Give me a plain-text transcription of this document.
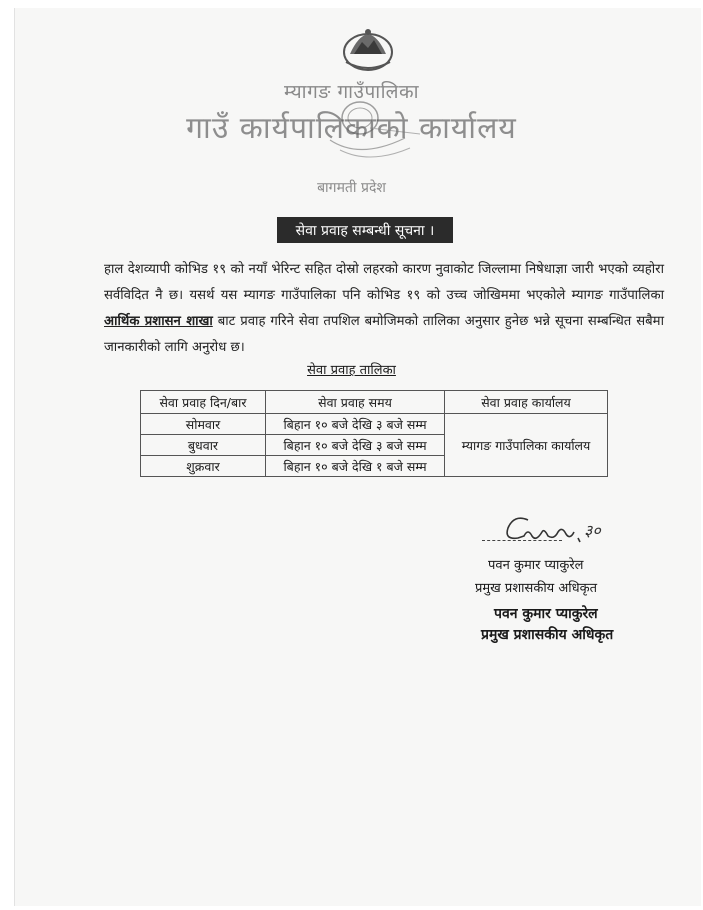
म्यागङ गाउँपालिका
गाउँ कार्यपालिकाको कार्यालय
बागमती प्रदेश
सेवा प्रवाह सम्बन्धी सूचना ।
हाल देशव्यापी कोभिड १९ को नयाँ भेरिन्ट सहित दोस्रो लहरको कारण नुवाकोट जिल्लामा निषेधाज्ञा जारी भएको व्यहोरा सर्वविदित नै छ। यसर्थ यस म्यागङ गाउँपालिका पनि कोभिड १९ को उच्च जोखिममा भएकोले म्यागङ गाउँपालिका आर्थिक प्रशासन शाखा बाट प्रवाह गरिने सेवा तपशिल बमोजिमको तालिका अनुसार हुनेछ भन्ने सूचना सम्बन्धित सबैमा जानकारीको लागि अनुरोध छ।
सेवा प्रवाह तालिका
सेवा प्रवाह दिन/बार	सेवा प्रवाह समय	सेवा प्रवाह कार्यालय
सोमवार	बिहान १० बजे देखि ३ बजे सम्म	म्यागङ गाउँपालिका कार्यालय
बुधवार	बिहान १० बजे देखि ३ बजे सम्म	
शुक्रवार	बिहान १० बजे देखि १ बजे सम्म	
३०
पवन कुमार प्याकुरेल
प्रमुख प्रशासकीय अधिकृत
पवन कुमार प्याकुरेल
प्रमुख प्रशासकीय अधिकृत
